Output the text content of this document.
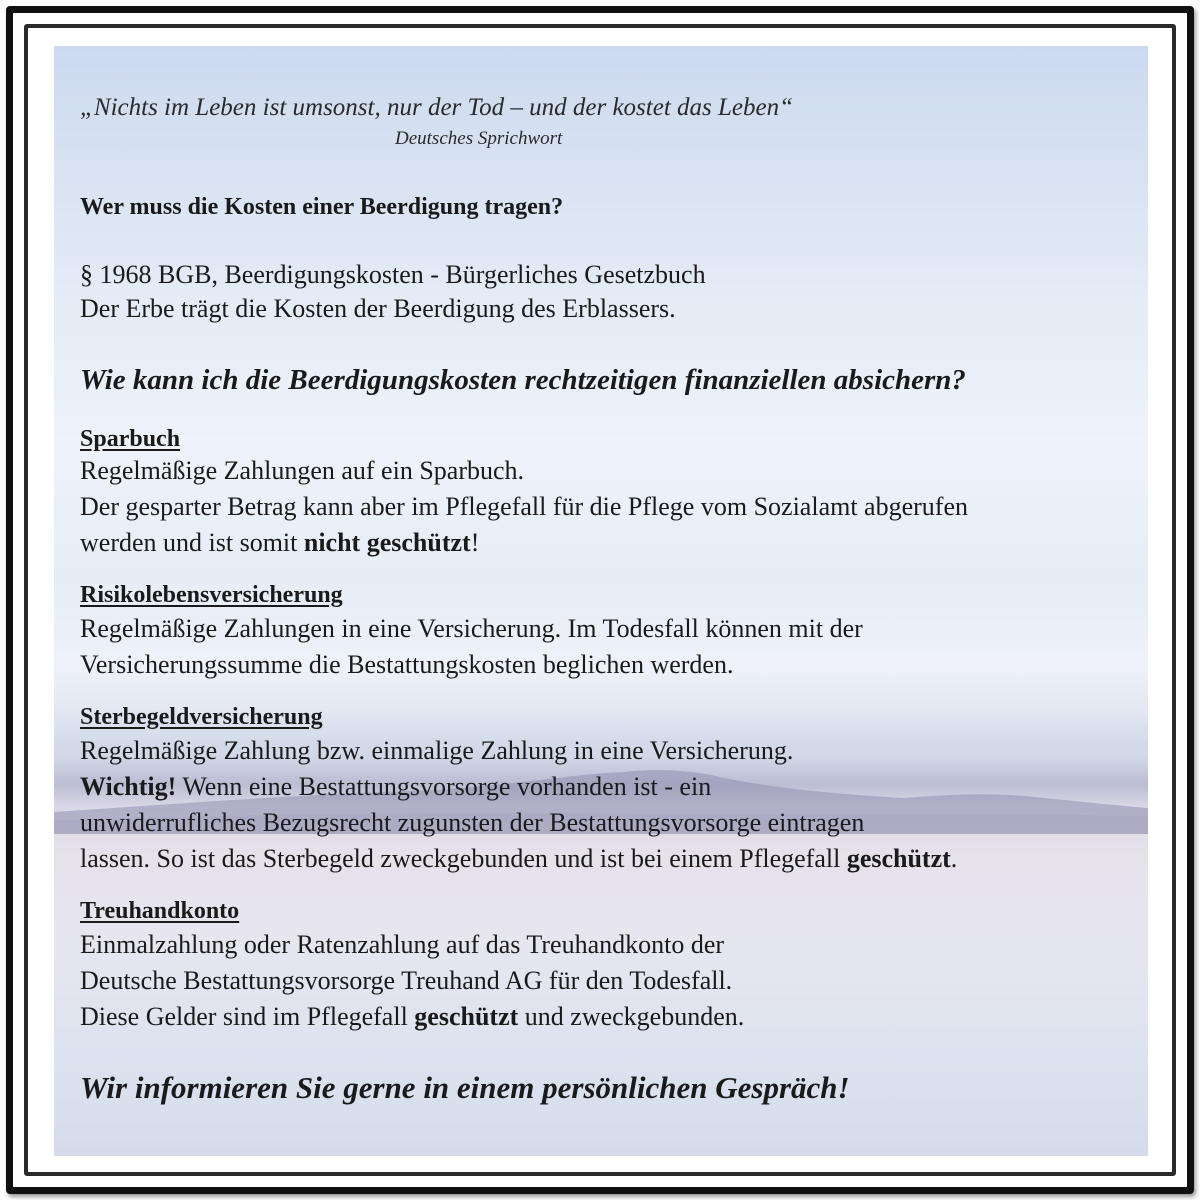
„Nichts im Leben ist umsonst, nur der Tod – und der kostet das Leben“
Deutsches Sprichwort
Wer muss die Kosten einer Beerdigung tragen?
§ 1968 BGB, Beerdigungskosten - Bürgerliches Gesetzbuch
Der Erbe trägt die Kosten der Beerdigung des Erblassers.
Wie kann ich die Beerdigungskosten rechtzeitigen finanziellen absichern?
Sparbuch
Regelmäßige Zahlungen auf ein Sparbuch.
Der gesparter Betrag kann aber im Pflegefall für die Pflege vom Sozialamt abgerufen
werden und ist somit nicht geschützt!
Risikolebensversicherung
Regelmäßige Zahlungen in eine Versicherung. Im Todesfall können mit der
Versicherungssumme die Bestattungskosten beglichen werden.
Sterbegeldversicherung
Regelmäßige Zahlung bzw. einmalige Zahlung in eine Versicherung.
Wichtig! Wenn eine Bestattungsvorsorge vorhanden ist - ein
unwiderrufliches Bezugsrecht zugunsten der Bestattungsvorsorge eintragen
lassen. So ist das Sterbegeld zweckgebunden und ist bei einem Pflegefall geschützt.
Treuhandkonto
Einmalzahlung oder Ratenzahlung auf das Treuhandkonto der
Deutsche Bestattungsvorsorge Treuhand AG für den Todesfall.
Diese Gelder sind im Pflegefall geschützt und zweckgebunden.
Wir informieren Sie gerne in einem persönlichen Gespräch!
